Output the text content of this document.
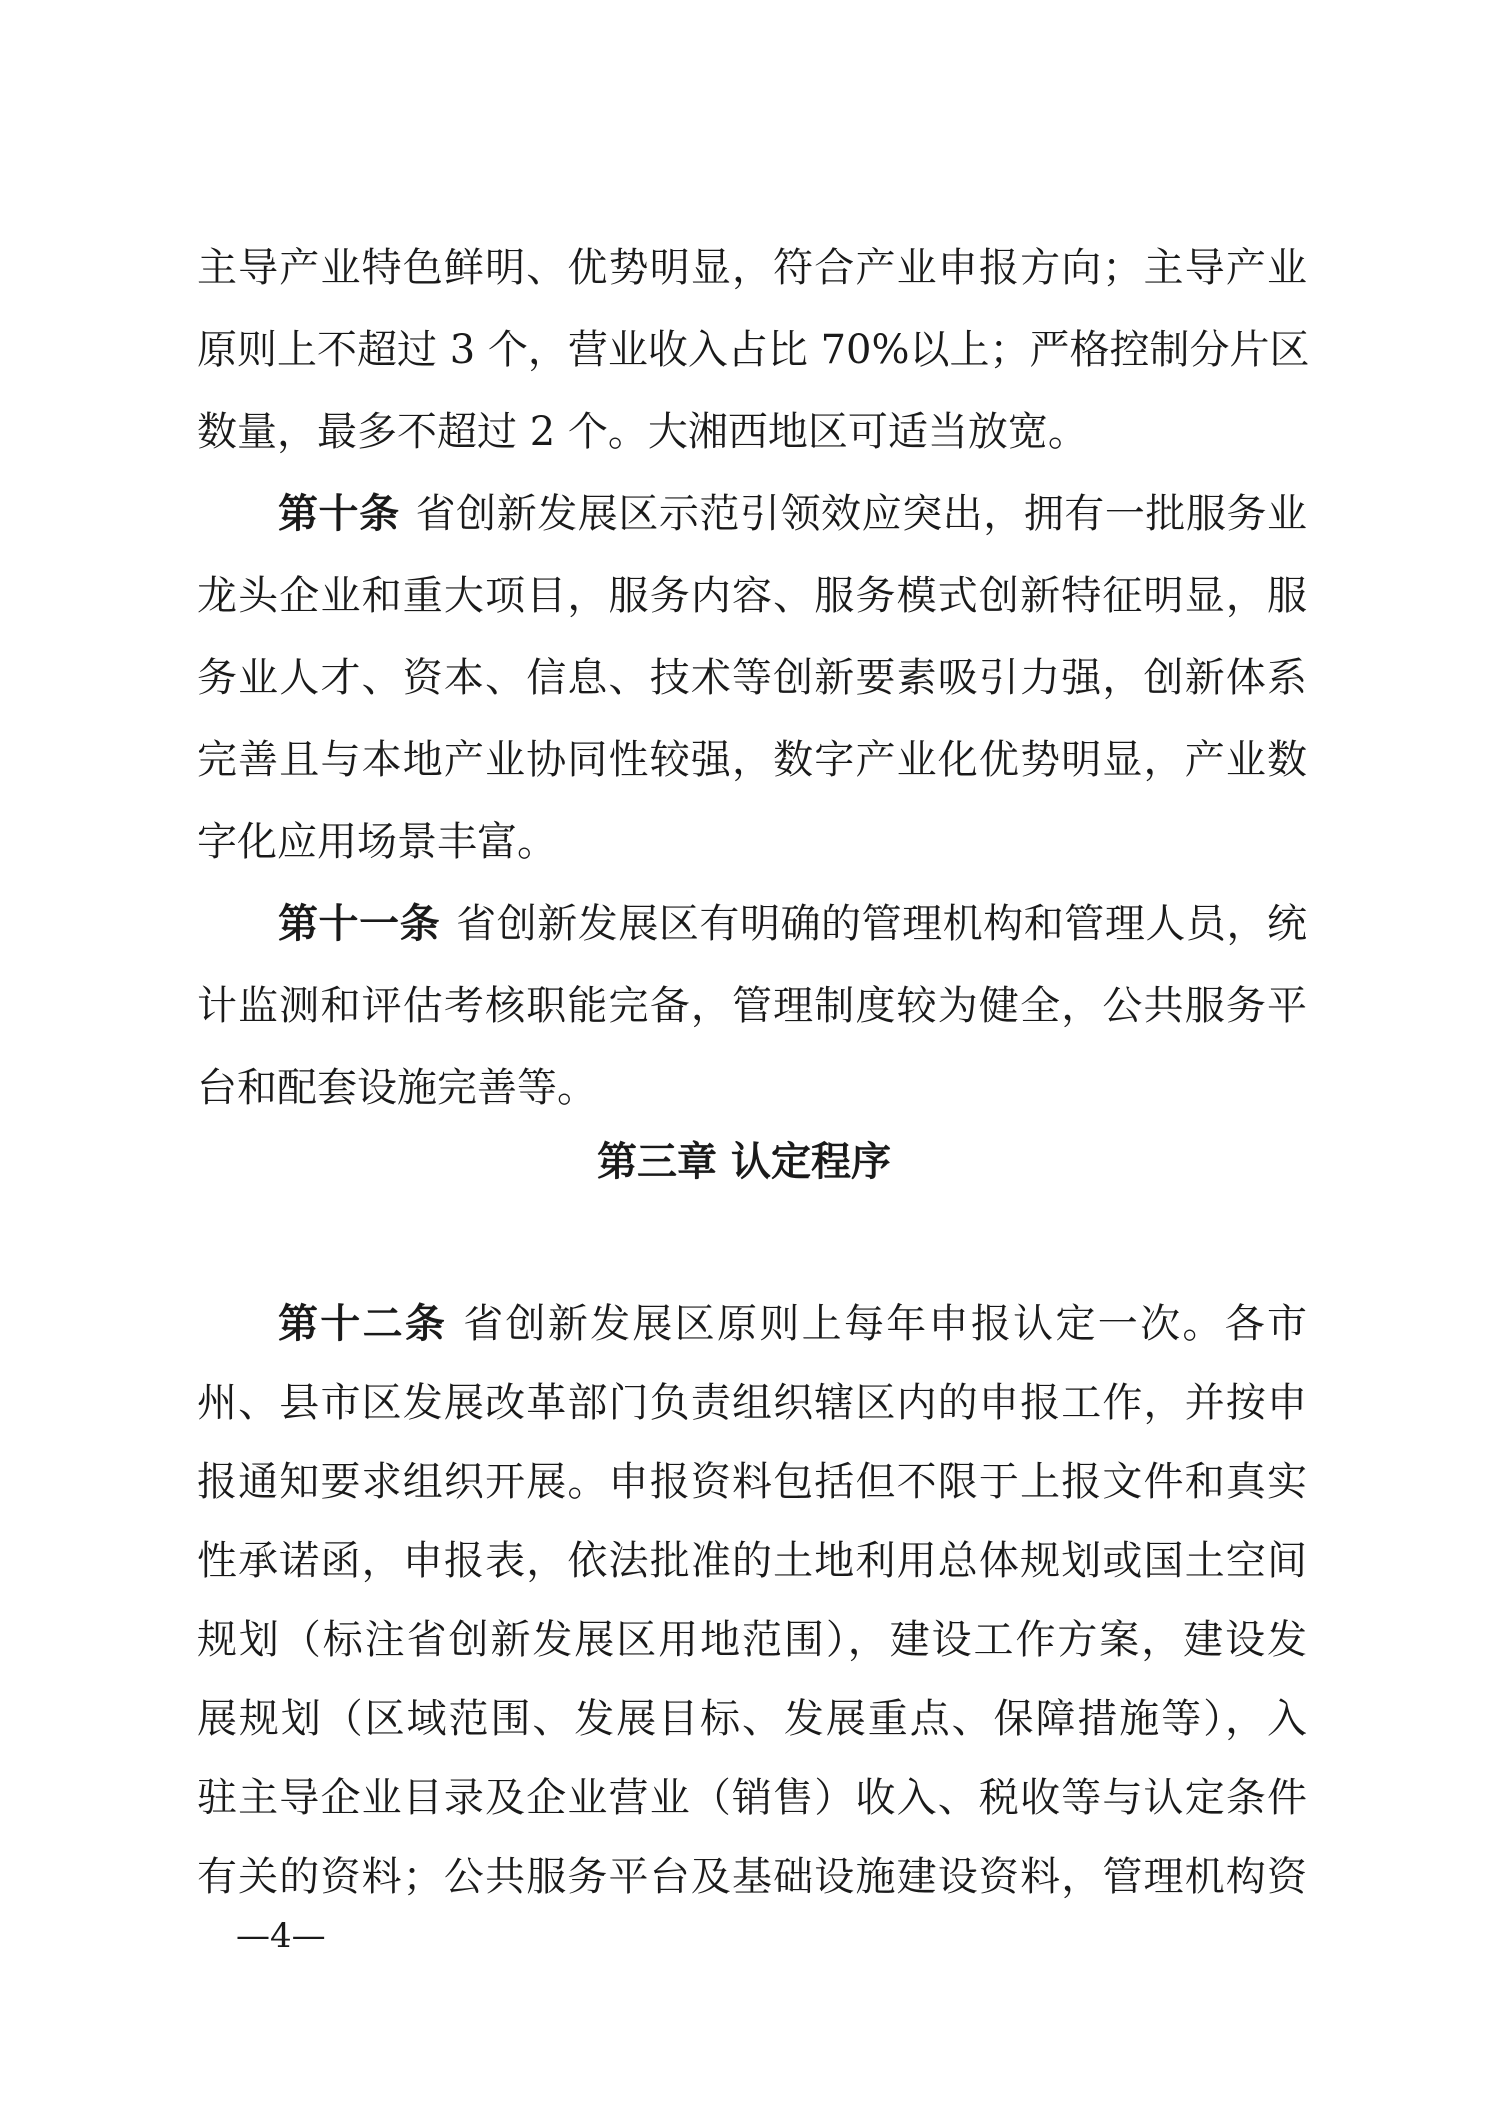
主导产业特色鲜明、优势明显，符合产业申报方向；主导产业
原则上不超过 3 个，营业收入占比 70%以上；严格控制分片区
数量，最多不超过 2 个。大湘西地区可适当放宽。
第十条 省创新发展区示范引领效应突出，拥有一批服务业
龙头企业和重大项目，服务内容、服务模式创新特征明显，服
务业人才、资本、信息、技术等创新要素吸引力强，创新体系
完善且与本地产业协同性较强，数字产业化优势明显，产业数
字化应用场景丰富。
第十一条 省创新发展区有明确的管理机构和管理人员，统
计监测和评估考核职能完备，管理制度较为健全，公共服务平
台和配套设施完善等。
第三章 认定程序
第十二条 省创新发展区原则上每年申报认定一次。各市
州、县市区发展改革部门负责组织辖区内的申报工作，并按申
报通知要求组织开展。申报资料包括但不限于上报文件和真实
性承诺函，申报表，依法批准的土地利用总体规划或国土空间
规划（标注省创新发展区用地范围），建设工作方案，建设发
展规划（区域范围、发展目标、发展重点、保障措施等），入
驻主导企业目录及企业营业（销售）收入、税收等与认定条件
有关的资料；公共服务平台及基础设施建设资料，管理机构资
—4—
